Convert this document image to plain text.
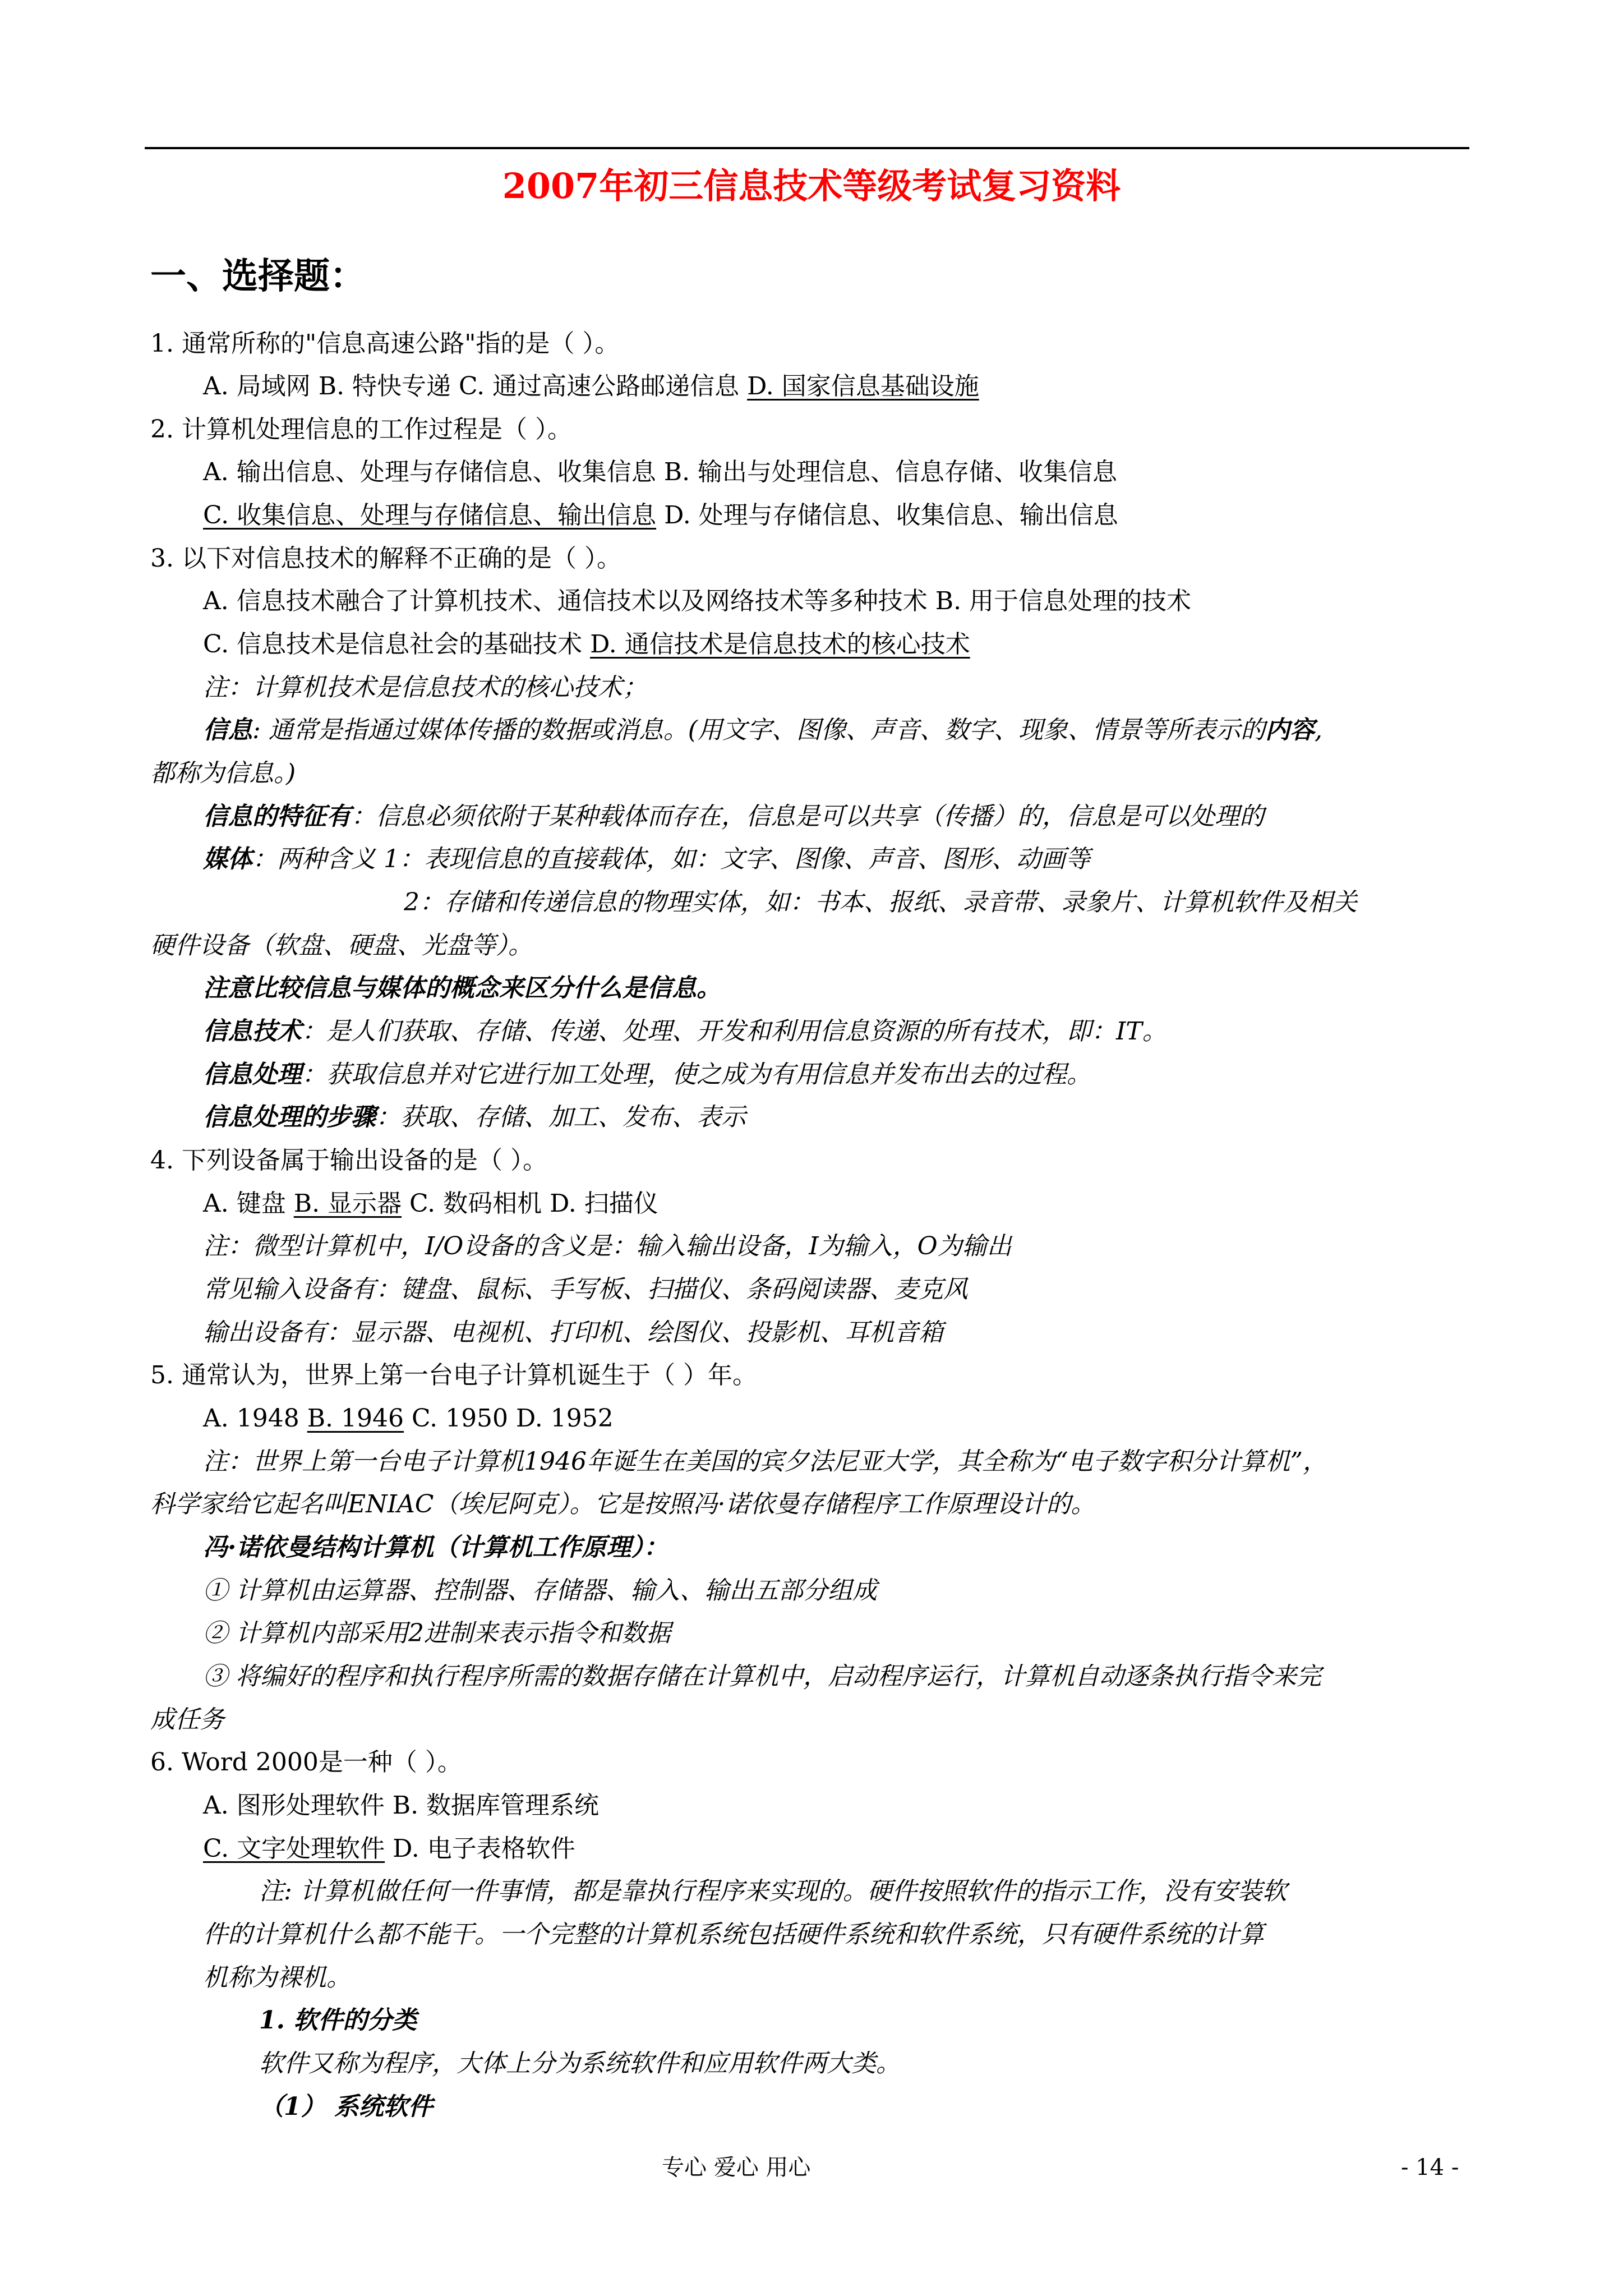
2007年初三信息技术等级考试复习资料
一、选择题：
1. 通常所称的"信息高速公路"指的是（ ）。
A. 局域网 B. 特快专递 C. 通过高速公路邮递信息 D. 国家信息基础设施
2. 计算机处理信息的工作过程是（ ）。
A. 输出信息、处理与存储信息、收集信息 B. 输出与处理信息、信息存储、收集信息
C. 收集信息、处理与存储信息、输出信息 D. 处理与存储信息、收集信息、输出信息
3. 以下对信息技术的解释不正确的是（ ）。
A. 信息技术融合了计算机技术、通信技术以及网络技术等多种技术 B. 用于信息处理的技术
C. 信息技术是信息社会的基础技术 D. 通信技术是信息技术的核心技术
注：计算机技术是信息技术的核心技术；
信息: 通常是指通过媒体传播的数据或消息。(用文字、图像、声音、数字、现象、情景等所表示的内容,
都称为信息。)
信息的特征有：信息必须依附于某种载体而存在，信息是可以共享（传播）的，信息是可以处理的
媒体：两种含义 1：表现信息的直接载体，如：文字、图像、声音、图形、动画等
2：存储和传递信息的物理实体，如：书本、报纸、录音带、录象片、计算机软件及相关
硬件设备（软盘、硬盘、光盘等）。
注意比较信息与媒体的概念来区分什么是信息。
信息技术：是人们获取、存储、传递、处理、开发和利用信息资源的所有技术，即：IT。
信息处理：获取信息并对它进行加工处理，使之成为有用信息并发布出去的过程。
信息处理的步骤：获取、存储、加工、发布、表示
4. 下列设备属于输出设备的是（ ）。
A. 键盘 B. 显示器 C. 数码相机 D. 扫描仪
注：微型计算机中，I/O设备的含义是：输入输出设备，I为输入，O为输出
常见输入设备有：键盘、鼠标、手写板、扫描仪、条码阅读器、麦克风
输出设备有：显示器、电视机、打印机、绘图仪、投影机、耳机音箱
5. 通常认为，世界上第一台电子计算机诞生于（ ）年。
A. 1948 B. 1946 C. 1950 D. 1952
注：世界上第一台电子计算机1946年诞生在美国的宾夕法尼亚大学，其全称为“电子数字积分计算机”，
科学家给它起名叫ENIAC（埃尼阿克）。它是按照冯·诺依曼存储程序工作原理设计的。
冯·诺依曼结构计算机（计算机工作原理）：
① 计算机由运算器、控制器、存储器、输入、输出五部分组成
② 计算机内部采用2进制来表示指令和数据
③ 将编好的程序和执行程序所需的数据存储在计算机中，启动程序运行，计算机自动逐条执行指令来完
成任务
6. Word 2000是一种（ ）。
A. 图形处理软件 B. 数据库管理系统
C. 文字处理软件 D. 电子表格软件
注: 计算机做任何一件事情，都是靠执行程序来实现的。硬件按照软件的指示工作，没有安装软
件的计算机什么都不能干。一个完整的计算机系统包括硬件系统和软件系统，只有硬件系统的计算
机称为裸机。
1. 软件的分类
软件又称为程序，大体上分为系统软件和应用软件两大类。
（1） 系统软件
专心 爱心 用心	- 14 -
